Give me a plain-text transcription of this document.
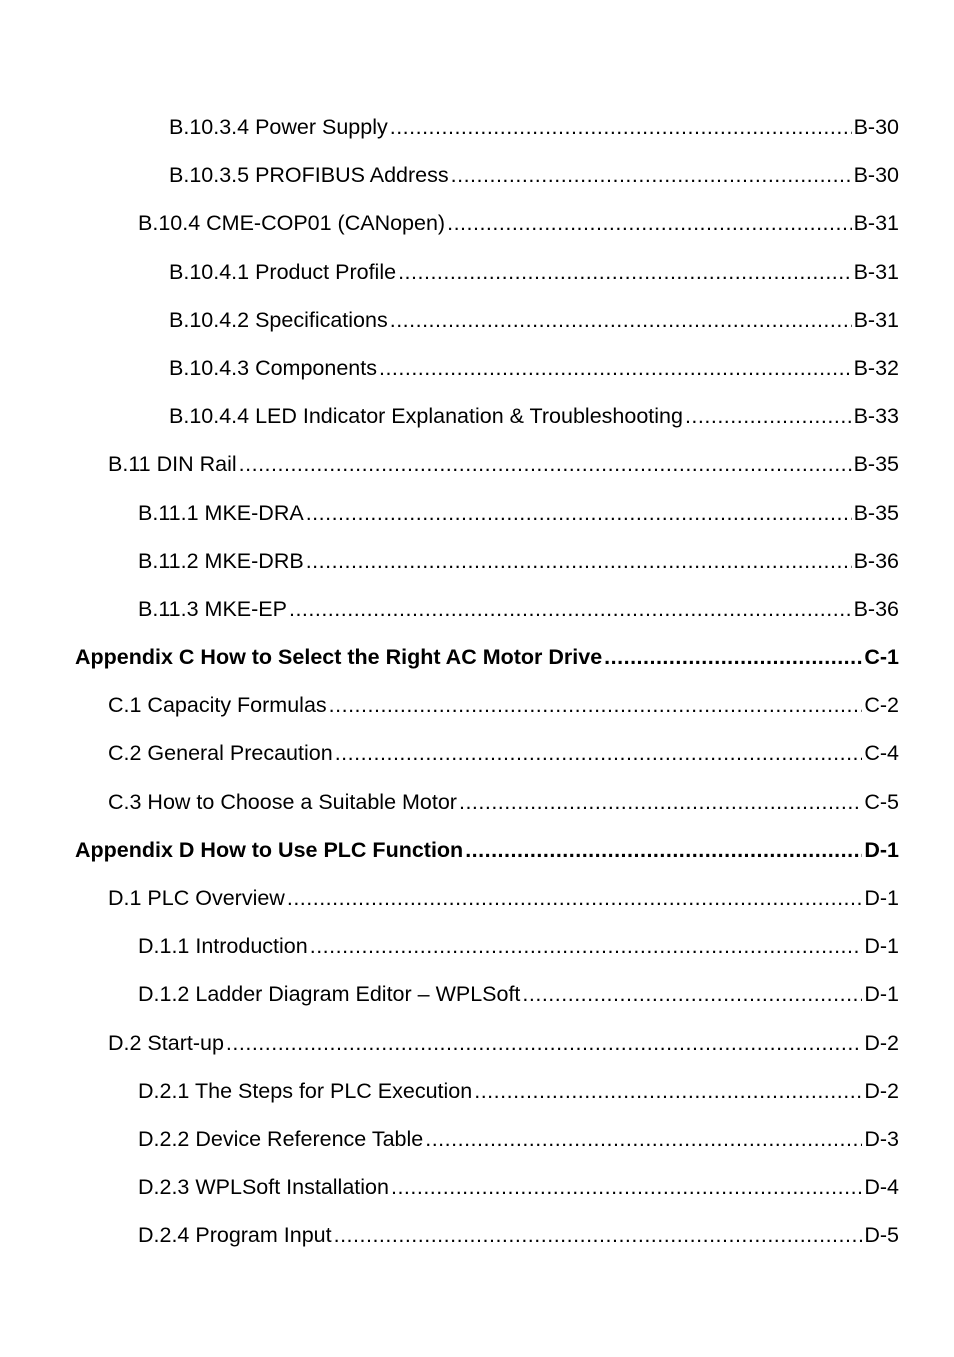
B.10.3.4 Power Supply .....	B-30
B.10.3.5 PROFIBUS Address .....	B-30
B.10.4 CME-COP01 (CANopen) .....	B-31
B.10.4.1 Product Profile .....	B-31
B.10.4.2 Specifications .....	B-31
B.10.4.3 Components .....	B-32
B.10.4.4 LED Indicator Explanation & Troubleshooting .....	B-33
B.11 DIN Rail .....	B-35
B.11.1 MKE-DRA .....	B-35
B.11.2 MKE-DRB .....	B-36
B.11.3 MKE-EP .....	B-36
Appendix C How to Select the Right AC Motor Drive .....	C-1
C.1 Capacity Formulas .....	C-2
C.2 General Precaution .....	C-4
C.3 How to Choose a Suitable Motor .....	C-5
Appendix D How to Use PLC Function .....	D-1
D.1 PLC Overview .....	D-1
D.1.1 Introduction .....	D-1
D.1.2 Ladder Diagram Editor – WPLSoft .....	D-1
D.2 Start-up .....	D-2
D.2.1 The Steps for PLC Execution .....	D-2
D.2.2 Device Reference Table .....	D-3
D.2.3 WPLSoft Installation .....	D-4
D.2.4 Program Input .....	D-5
